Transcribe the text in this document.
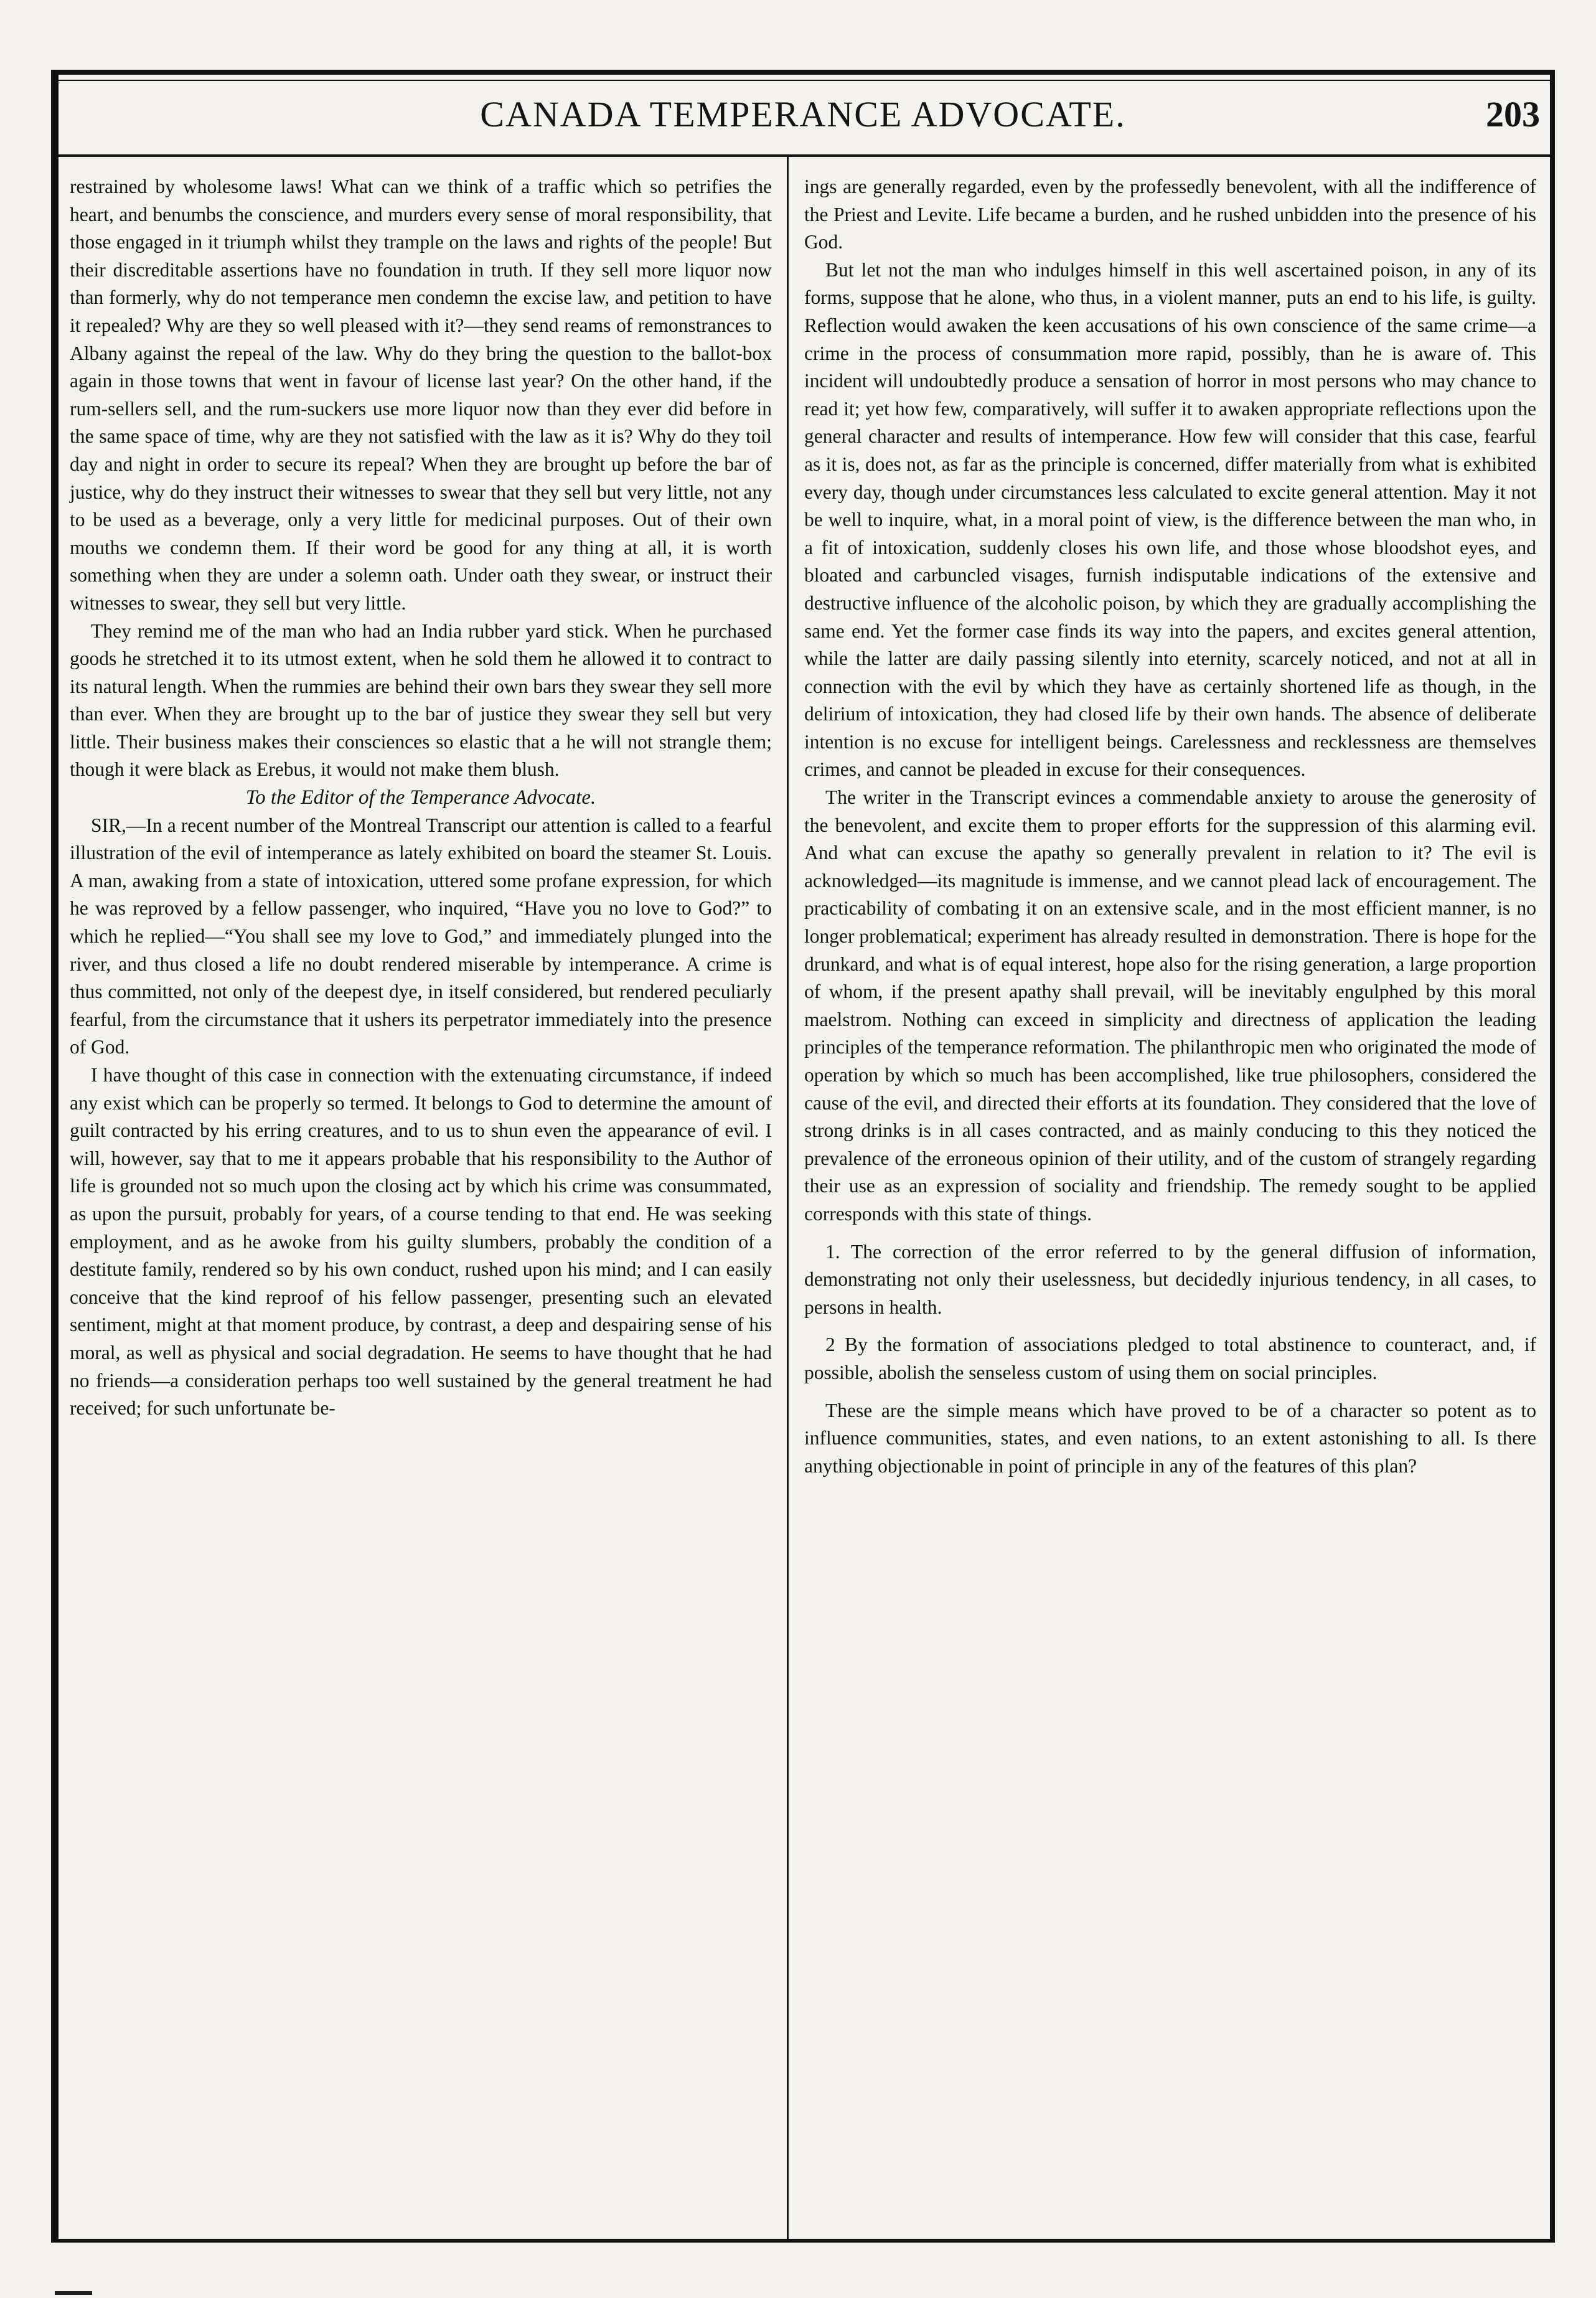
CANADA TEMPERANCE ADVOCATE.	203

restrained by wholesome laws! What can we think of a traffic which so petrifies the heart, and benumbs the conscience, and murders every sense of moral responsibility, that those engaged in it triumph whilst they trample on the laws and rights of the people! But their discreditable assertions have no foundation in truth. If they sell more liquor now than formerly, why do not temperance men condemn the excise law, and petition to have it repealed? Why are they so well pleased with it?—they send reams of remonstrances to Albany against the repeal of the law. Why do they bring the question to the ballot-box again in those towns that went in favour of license last year? On the other hand, if the rum-sellers sell, and the rum-suckers use more liquor now than they ever did before in the same space of time, why are they not satisfied with the law as it is? Why do they toil day and night in order to secure its repeal? When they are brought up before the bar of justice, why do they instruct their witnesses to swear that they sell but very little, not any to be used as a beverage, only a very little for medicinal purposes. Out of their own mouths we condemn them. If their word be good for any thing at all, it is worth something when they are under a solemn oath. Under oath they swear, or instruct their witnesses to swear, they sell but very little.

They remind me of the man who had an India rubber yard stick. When he purchased goods he stretched it to its utmost extent, when he sold them he allowed it to contract to its natural length. When the rummies are behind their own bars they swear they sell more than ever. When they are brought up to the bar of justice they swear they sell but very little. Their business makes their consciences so elastic that a he will not strangle them; though it were black as Erebus, it would not make them blush.

To the Editor of the Temperance Advocate.

SIR,—In a recent number of the Montreal Transcript our attention is called to a fearful illustration of the evil of intemperance as lately exhibited on board the steamer St. Louis. A man, awaking from a state of intoxication, uttered some profane expression, for which he was reproved by a fellow passenger, who inquired, “Have you no love to God?” to which he replied—“You shall see my love to God,” and immediately plunged into the river, and thus closed a life no doubt rendered miserable by intemperance. A crime is thus committed, not only of the deepest dye, in itself considered, but rendered peculiarly fearful, from the circumstance that it ushers its perpetrator immediately into the presence of God.

I have thought of this case in connection with the extenuating circumstance, if indeed any exist which can be properly so termed. It belongs to God to determine the amount of guilt contracted by his erring creatures, and to us to shun even the appearance of evil. I will, however, say that to me it appears probable that his responsibility to the Author of life is grounded not so much upon the closing act by which his crime was consummated, as upon the pursuit, probably for years, of a course tending to that end. He was seeking employment, and as he awoke from his guilty slumbers, probably the condition of a destitute family, rendered so by his own conduct, rushed upon his mind; and I can easily conceive that the kind reproof of his fellow passenger, presenting such an elevated sentiment, might at that moment produce, by contrast, a deep and despairing sense of his moral, as well as physical and social degradation. He seems to have thought that he had no friends—a consideration perhaps too well sustained by the general treatment he had received; for such unfortunate be-

ings are generally regarded, even by the professedly benevolent, with all the indifference of the Priest and Levite. Life became a burden, and he rushed unbidden into the presence of his God.

But let not the man who indulges himself in this well ascertained poison, in any of its forms, suppose that he alone, who thus, in a violent manner, puts an end to his life, is guilty. Reflection would awaken the keen accusations of his own conscience of the same crime—a crime in the process of consummation more rapid, possibly, than he is aware of. This incident will undoubtedly produce a sensation of horror in most persons who may chance to read it; yet how few, comparatively, will suffer it to awaken appropriate reflections upon the general character and results of intemperance. How few will consider that this case, fearful as it is, does not, as far as the principle is concerned, differ materially from what is exhibited every day, though under circumstances less calculated to excite general attention. May it not be well to inquire, what, in a moral point of view, is the difference between the man who, in a fit of intoxication, suddenly closes his own life, and those whose bloodshot eyes, and bloated and carbuncled visages, furnish indisputable indications of the extensive and destructive influence of the alcoholic poison, by which they are gradually accomplishing the same end. Yet the former case finds its way into the papers, and excites general attention, while the latter are daily passing silently into eternity, scarcely noticed, and not at all in connection with the evil by which they have as certainly shortened life as though, in the delirium of intoxication, they had closed life by their own hands. The absence of deliberate intention is no excuse for intelligent beings. Carelessness and recklessness are themselves crimes, and cannot be pleaded in excuse for their consequences.

The writer in the Transcript evinces a commendable anxiety to arouse the generosity of the benevolent, and excite them to proper efforts for the suppression of this alarming evil. And what can excuse the apathy so generally prevalent in relation to it? The evil is acknowledged—its magnitude is immense, and we cannot plead lack of encouragement. The practicability of combating it on an extensive scale, and in the most efficient manner, is no longer problematical; experiment has already resulted in demonstration. There is hope for the drunkard, and what is of equal interest, hope also for the rising generation, a large proportion of whom, if the present apathy shall prevail, will be inevitably engulphed by this moral maelstrom. Nothing can exceed in simplicity and directness of application the leading principles of the temperance reformation. The philanthropic men who originated the mode of operation by which so much has been accomplished, like true philosophers, considered the cause of the evil, and directed their efforts at its foundation. They considered that the love of strong drinks is in all cases contracted, and as mainly conducing to this they noticed the prevalence of the erroneous opinion of their utility, and of the custom of strangely regarding their use as an expression of sociality and friendship. The remedy sought to be applied corresponds with this state of things.

1. The correction of the error referred to by the general diffusion of information, demonstrating not only their uselessness, but decidedly injurious tendency, in all cases, to persons in health.

2 By the formation of associations pledged to total abstinence to counteract, and, if possible, abolish the senseless custom of using them on social principles.

These are the simple means which have proved to be of a character so potent as to influence communities, states, and even nations, to an extent astonishing to all. Is there anything objectionable in point of principle in any of the features of this plan?
